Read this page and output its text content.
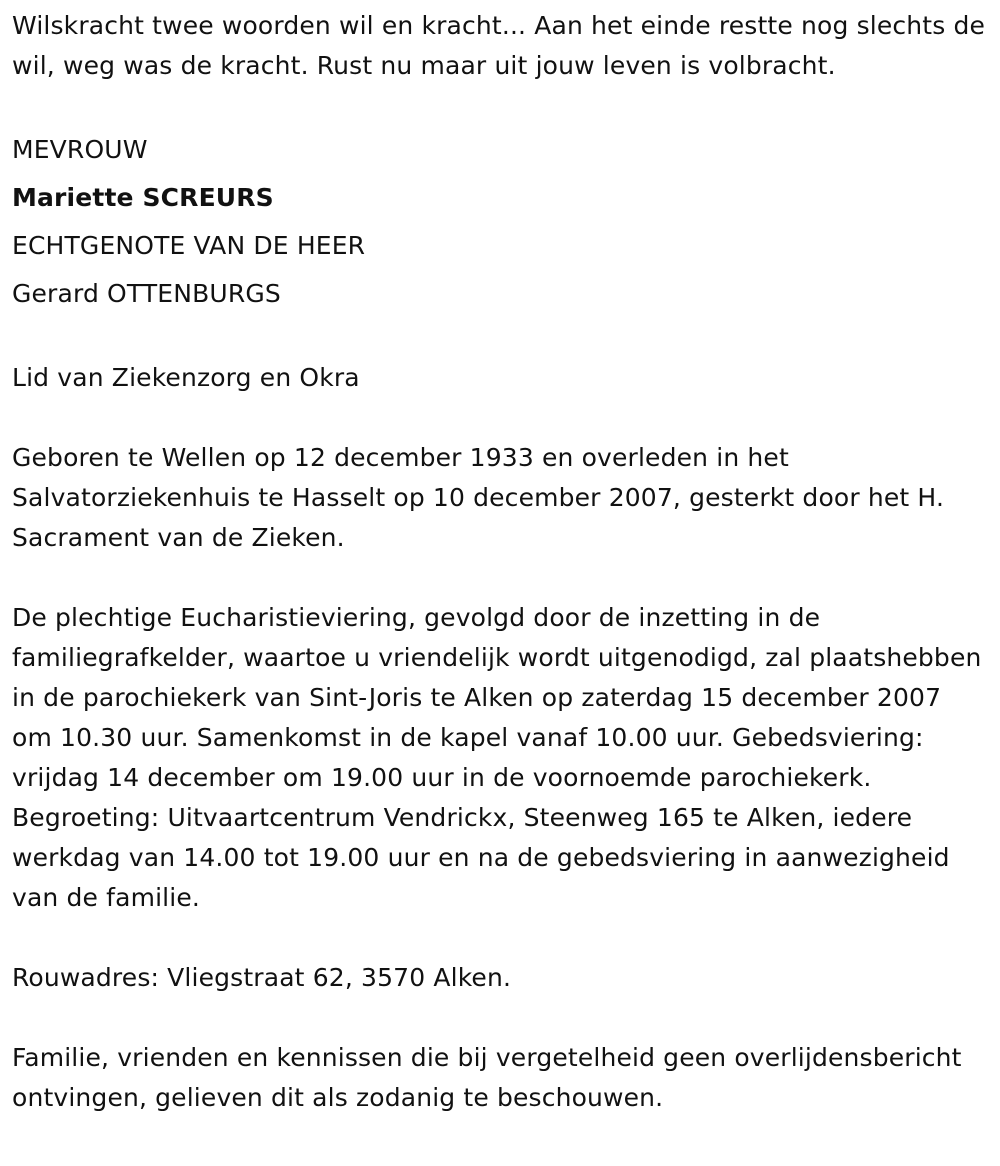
Wilskracht twee woorden wil en kracht... Aan het einde restte nog slechts de wil, weg was de kracht. Rust nu maar uit jouw leven is volbracht.

MEVROUW

Mariette SCREURS

ECHTGENOTE VAN DE HEER

Gerard OTTENBURGS

Lid van Ziekenzorg en Okra

Geboren te Wellen op 12 december 1933 en overleden in het Salvatorziekenhuis te Hasselt op 10 december 2007, gesterkt door het H. Sacrament van de Zieken.

De plechtige Eucharistieviering, gevolgd door de inzetting in de familiegrafkelder, waartoe u vriendelijk wordt uitgenodigd, zal plaatshebben in de parochiekerk van Sint-Joris te Alken op zaterdag 15 december 2007 om 10.30 uur. Samenkomst in de kapel vanaf 10.00 uur. Gebedsviering: vrijdag 14 december om 19.00 uur in de voornoemde parochiekerk. Begroeting: Uitvaartcentrum Vendrickx, Steenweg 165 te Alken, iedere werkdag van 14.00 tot 19.00 uur en na de gebedsviering in aanwezigheid van de familie.

Rouwadres: Vliegstraat 62, 3570 Alken.

Familie, vrienden en kennissen die bij vergetelheid geen overlijdensbericht ontvingen, gelieven dit als zodanig te beschouwen.
